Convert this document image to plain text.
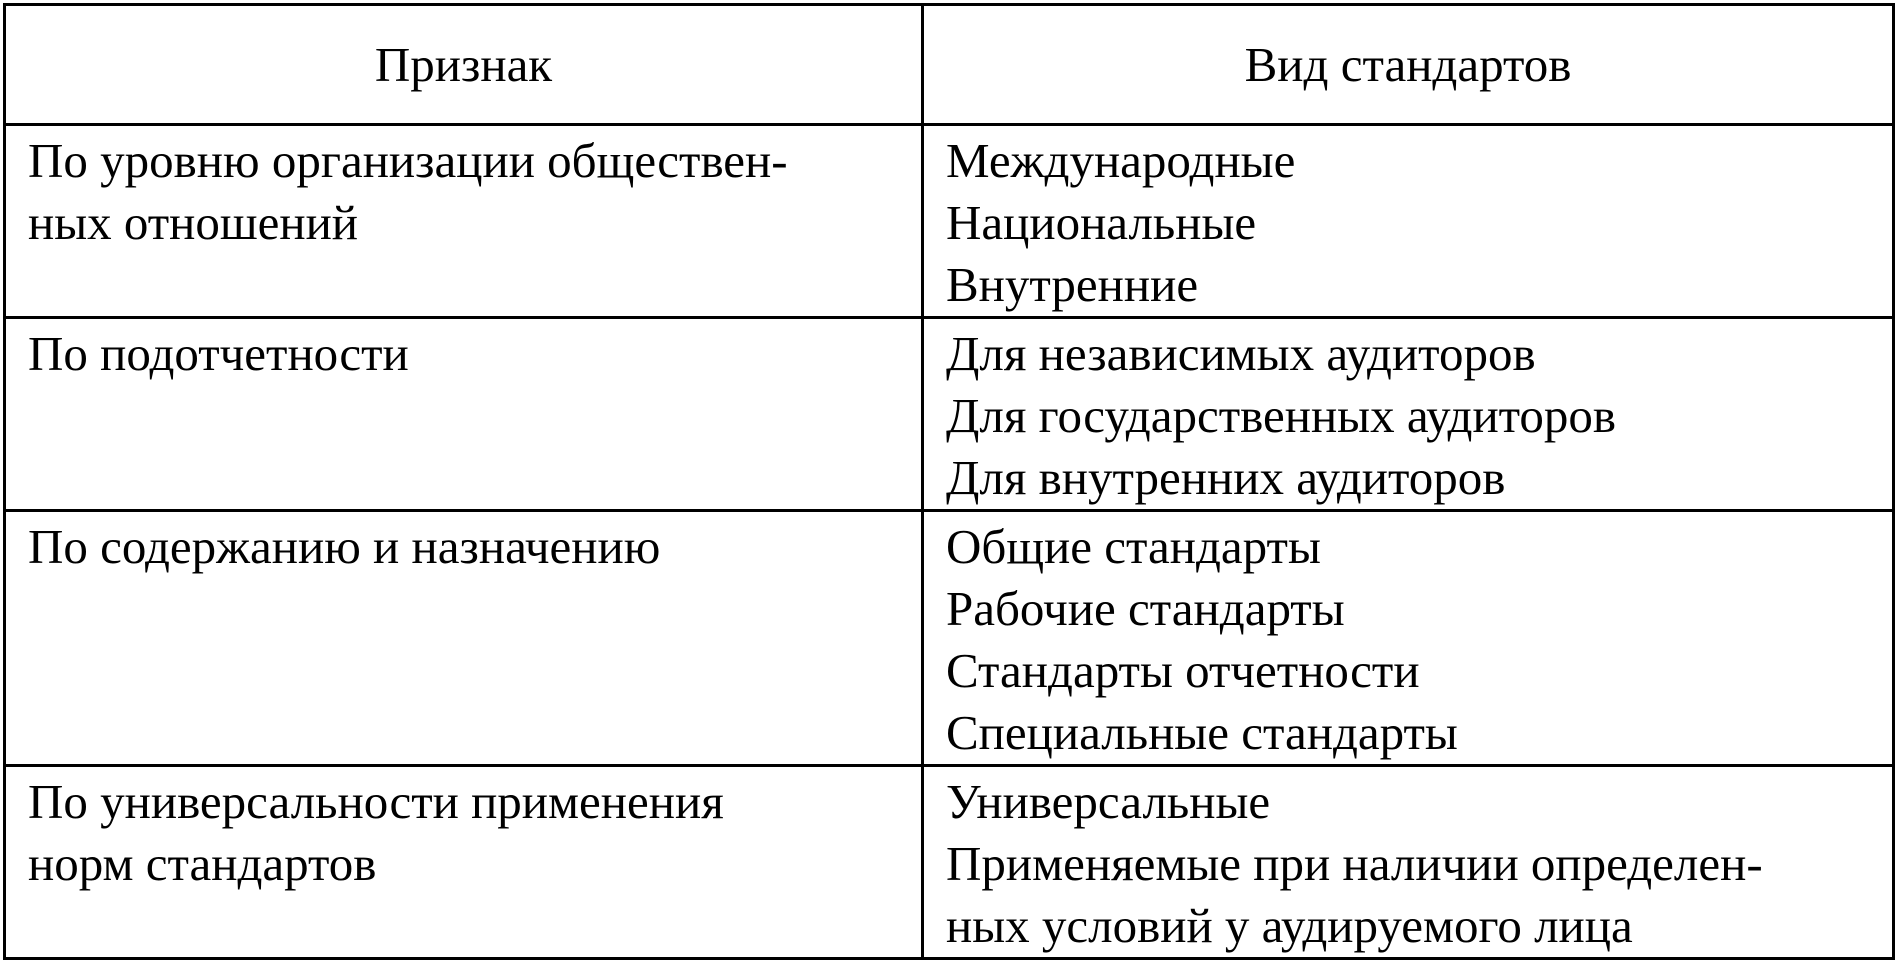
Признак	Вид стандартов

По уровню организации обществен-
ных отношений	Международные
Национальные
Внутренние

По подотчетности	Для независимых аудиторов
Для государственных аудиторов
Для внутренних аудиторов

По содержанию и назначению	Общие стандарты
Рабочие стандарты
Стандарты отчетности
Специальные стандарты

По универсальности применения
норм стандартов	Универсальные
Применяемые при наличии определен-
ных условий у аудируемого лица
